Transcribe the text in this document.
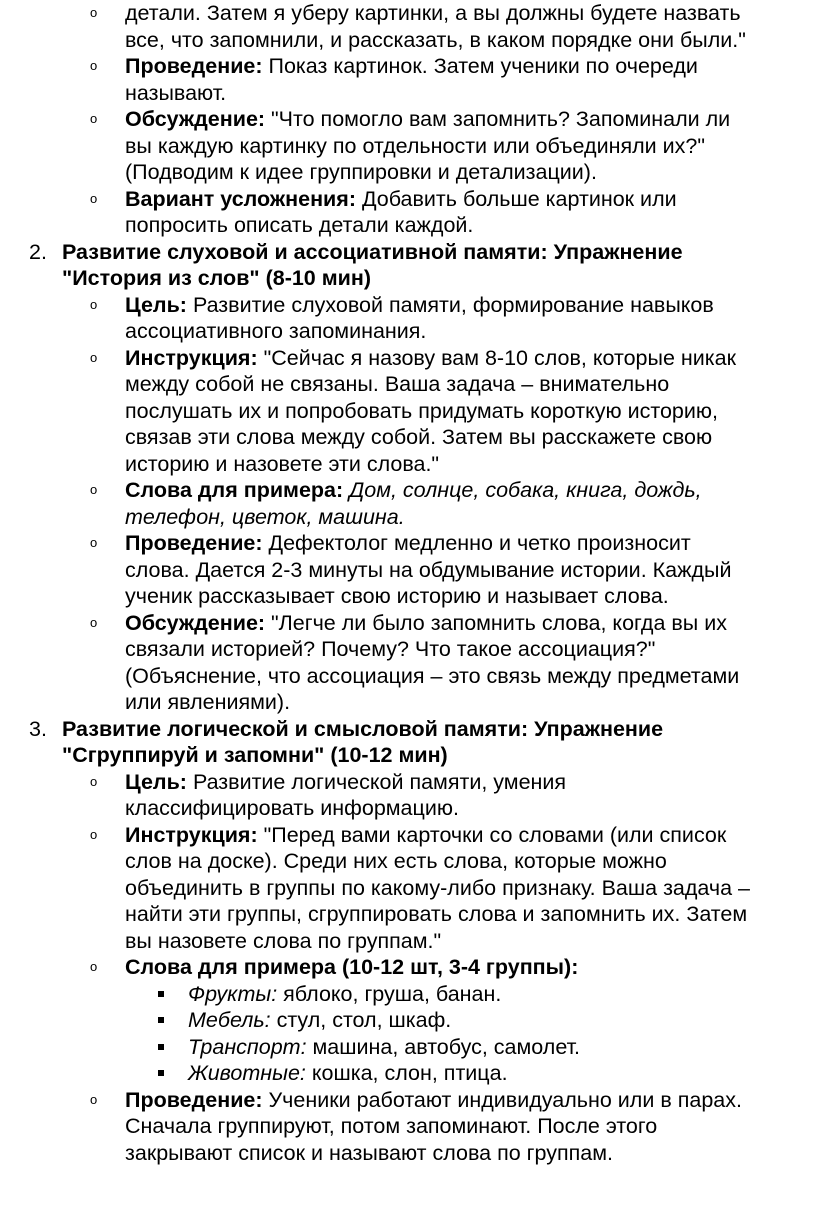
o детали. Затем я уберу картинки, а вы должны будете назвать
все, что запомнили, и рассказать, в каком порядке они были."
o Проведение: Показ картинок. Затем ученики по очереди
называют.
o Обсуждение: "Что помогло вам запомнить? Запоминали ли
вы каждую картинку по отдельности или объединяли их?"
(Подводим к идее группировки и детализации).
o Вариант усложнения: Добавить больше картинок или
попросить описать детали каждой.
2. Развитие слуховой и ассоциативной памяти: Упражнение
"История из слов" (8-10 мин)
o Цель: Развитие слуховой памяти, формирование навыков
ассоциативного запоминания.
o Инструкция: "Сейчас я назову вам 8-10 слов, которые никак
между собой не связаны. Ваша задача – внимательно
послушать их и попробовать придумать короткую историю,
связав эти слова между собой. Затем вы расскажете свою
историю и назовете эти слова."
o Слова для примера: Дом, солнце, собака, книга, дождь,
телефон, цветок, машина.
o Проведение: Дефектолог медленно и четко произносит
слова. Дается 2-3 минуты на обдумывание истории. Каждый
ученик рассказывает свою историю и называет слова.
o Обсуждение: "Легче ли было запомнить слова, когда вы их
связали историей? Почему? Что такое ассоциация?"
(Объяснение, что ассоциация – это связь между предметами
или явлениями).
3. Развитие логической и смысловой памяти: Упражнение
"Сгруппируй и запомни" (10-12 мин)
o Цель: Развитие логической памяти, умения
классифицировать информацию.
o Инструкция: "Перед вами карточки со словами (или список
слов на доске). Среди них есть слова, которые можно
объединить в группы по какому-либо признаку. Ваша задача –
найти эти группы, сгруппировать слова и запомнить их. Затем
вы назовете слова по группам."
o Слова для примера (10-12 шт, 3-4 группы):
Фрукты: яблоко, груша, банан.
Мебель: стул, стол, шкаф.
Транспорт: машина, автобус, самолет.
Животные: кошка, слон, птица.
o Проведение: Ученики работают индивидуально или в парах.
Сначала группируют, потом запоминают. После этого
закрывают список и называют слова по группам.
